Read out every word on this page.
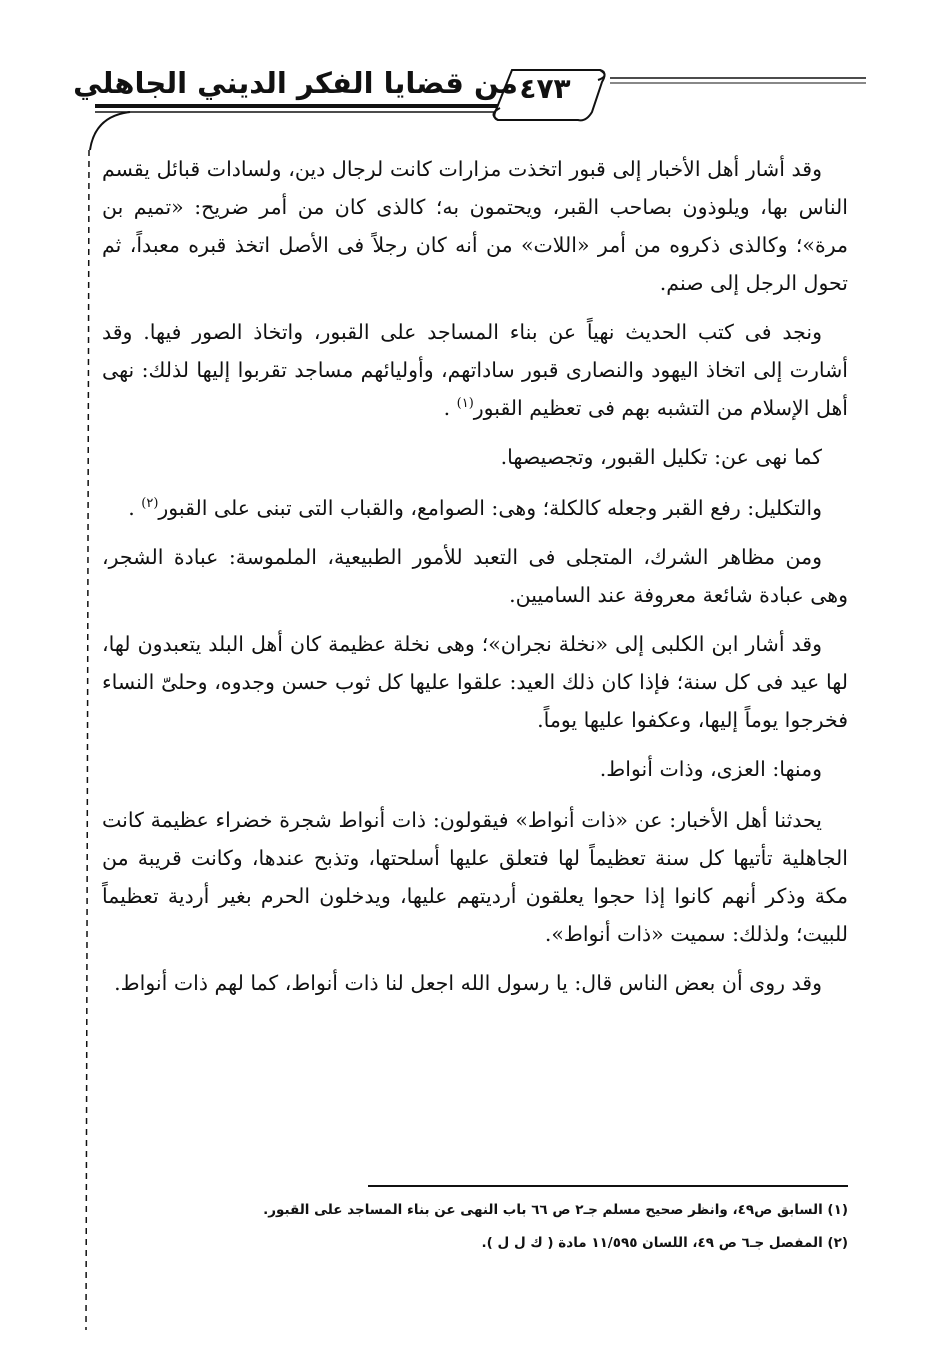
٤٧٣
من قضايا الفكر الديني الجاهلي

وقد أشار أهل الأخبار إلى قبور اتخذت مزارات كانت لرجال دين، ولسادات قبائل يقسم الناس بها، ويلوذون بصاحب القبر، ويحتمون به؛ كالذى كان من أمر ضريح: «تميم بن مرة»؛ وكالذى ذكروه من أمر «اللات» من أنه كان رجلاً فى الأصل اتخذ قبره معبداً، ثم تحول الرجل إلى صنم.

ونجد فى كتب الحديث نهياً عن بناء المساجد على القبور، واتخاذ الصور فيها. وقد أشارت إلى اتخاذ اليهود والنصارى قبور ساداتهم، وأوليائهم مساجد تقربوا إليها لذلك: نهى أهل الإسلام من التشبه بهم فى تعظيم القبور$^{(١)}$ .

كما نهى عن: تكليل القبور، وتجصيصها.

والتكليل: رفع القبر وجعله كالكلة؛ وهى: الصوامع، والقباب التى تبنى على القبور$^{(٢)}$ .

ومن مظاهر الشرك، المتجلى فى التعبد للأمور الطبيعية، الملموسة: عبادة الشجر، وهى عبادة شائعة معروفة عند الساميين.

وقد أشار ابن الكلبى إلى «نخلة نجران»؛ وهى نخلة عظيمة كان أهل البلد يتعبدون لها، لها عيد فى كل سنة؛ فإذا كان ذلك العيد: علقوا عليها كل ثوب حسن وجدوه، وحلىّ النساء فخرجوا يوماً إليها، وعكفوا عليها يوماً.

ومنها: العزى، وذات أنواط.

يحدثنا أهل الأخبار: عن «ذات أنواط» فيقولون: ذات أنواط شجرة خضراء عظيمة كانت الجاهلية تأتيها كل سنة تعظيماً لها فتعلق عليها أسلحتها، وتذبح عندها، وكانت قريبة من مكة وذكر أنهم كانوا إذا حجوا يعلقون أرديتهم عليها، ويدخلون الحرم بغير أردية تعظيماً للبيت؛ ولذلك: سميت «ذات أنواط».

وقد روى أن بعض الناس قال: يا رسول الله اجعل لنا ذات أنواط، كما لهم ذات أنواط.

(١) السابق ص٤٩، وانظر صحيح مسلم جـ٢ ص ٦٦ باب النهى عن بناء المساجد على القبور.

(٢) المفصل جـ٦ ص ٤٩، اللسان ١١/٥٩٥ مادة ( ك ل ل ).
